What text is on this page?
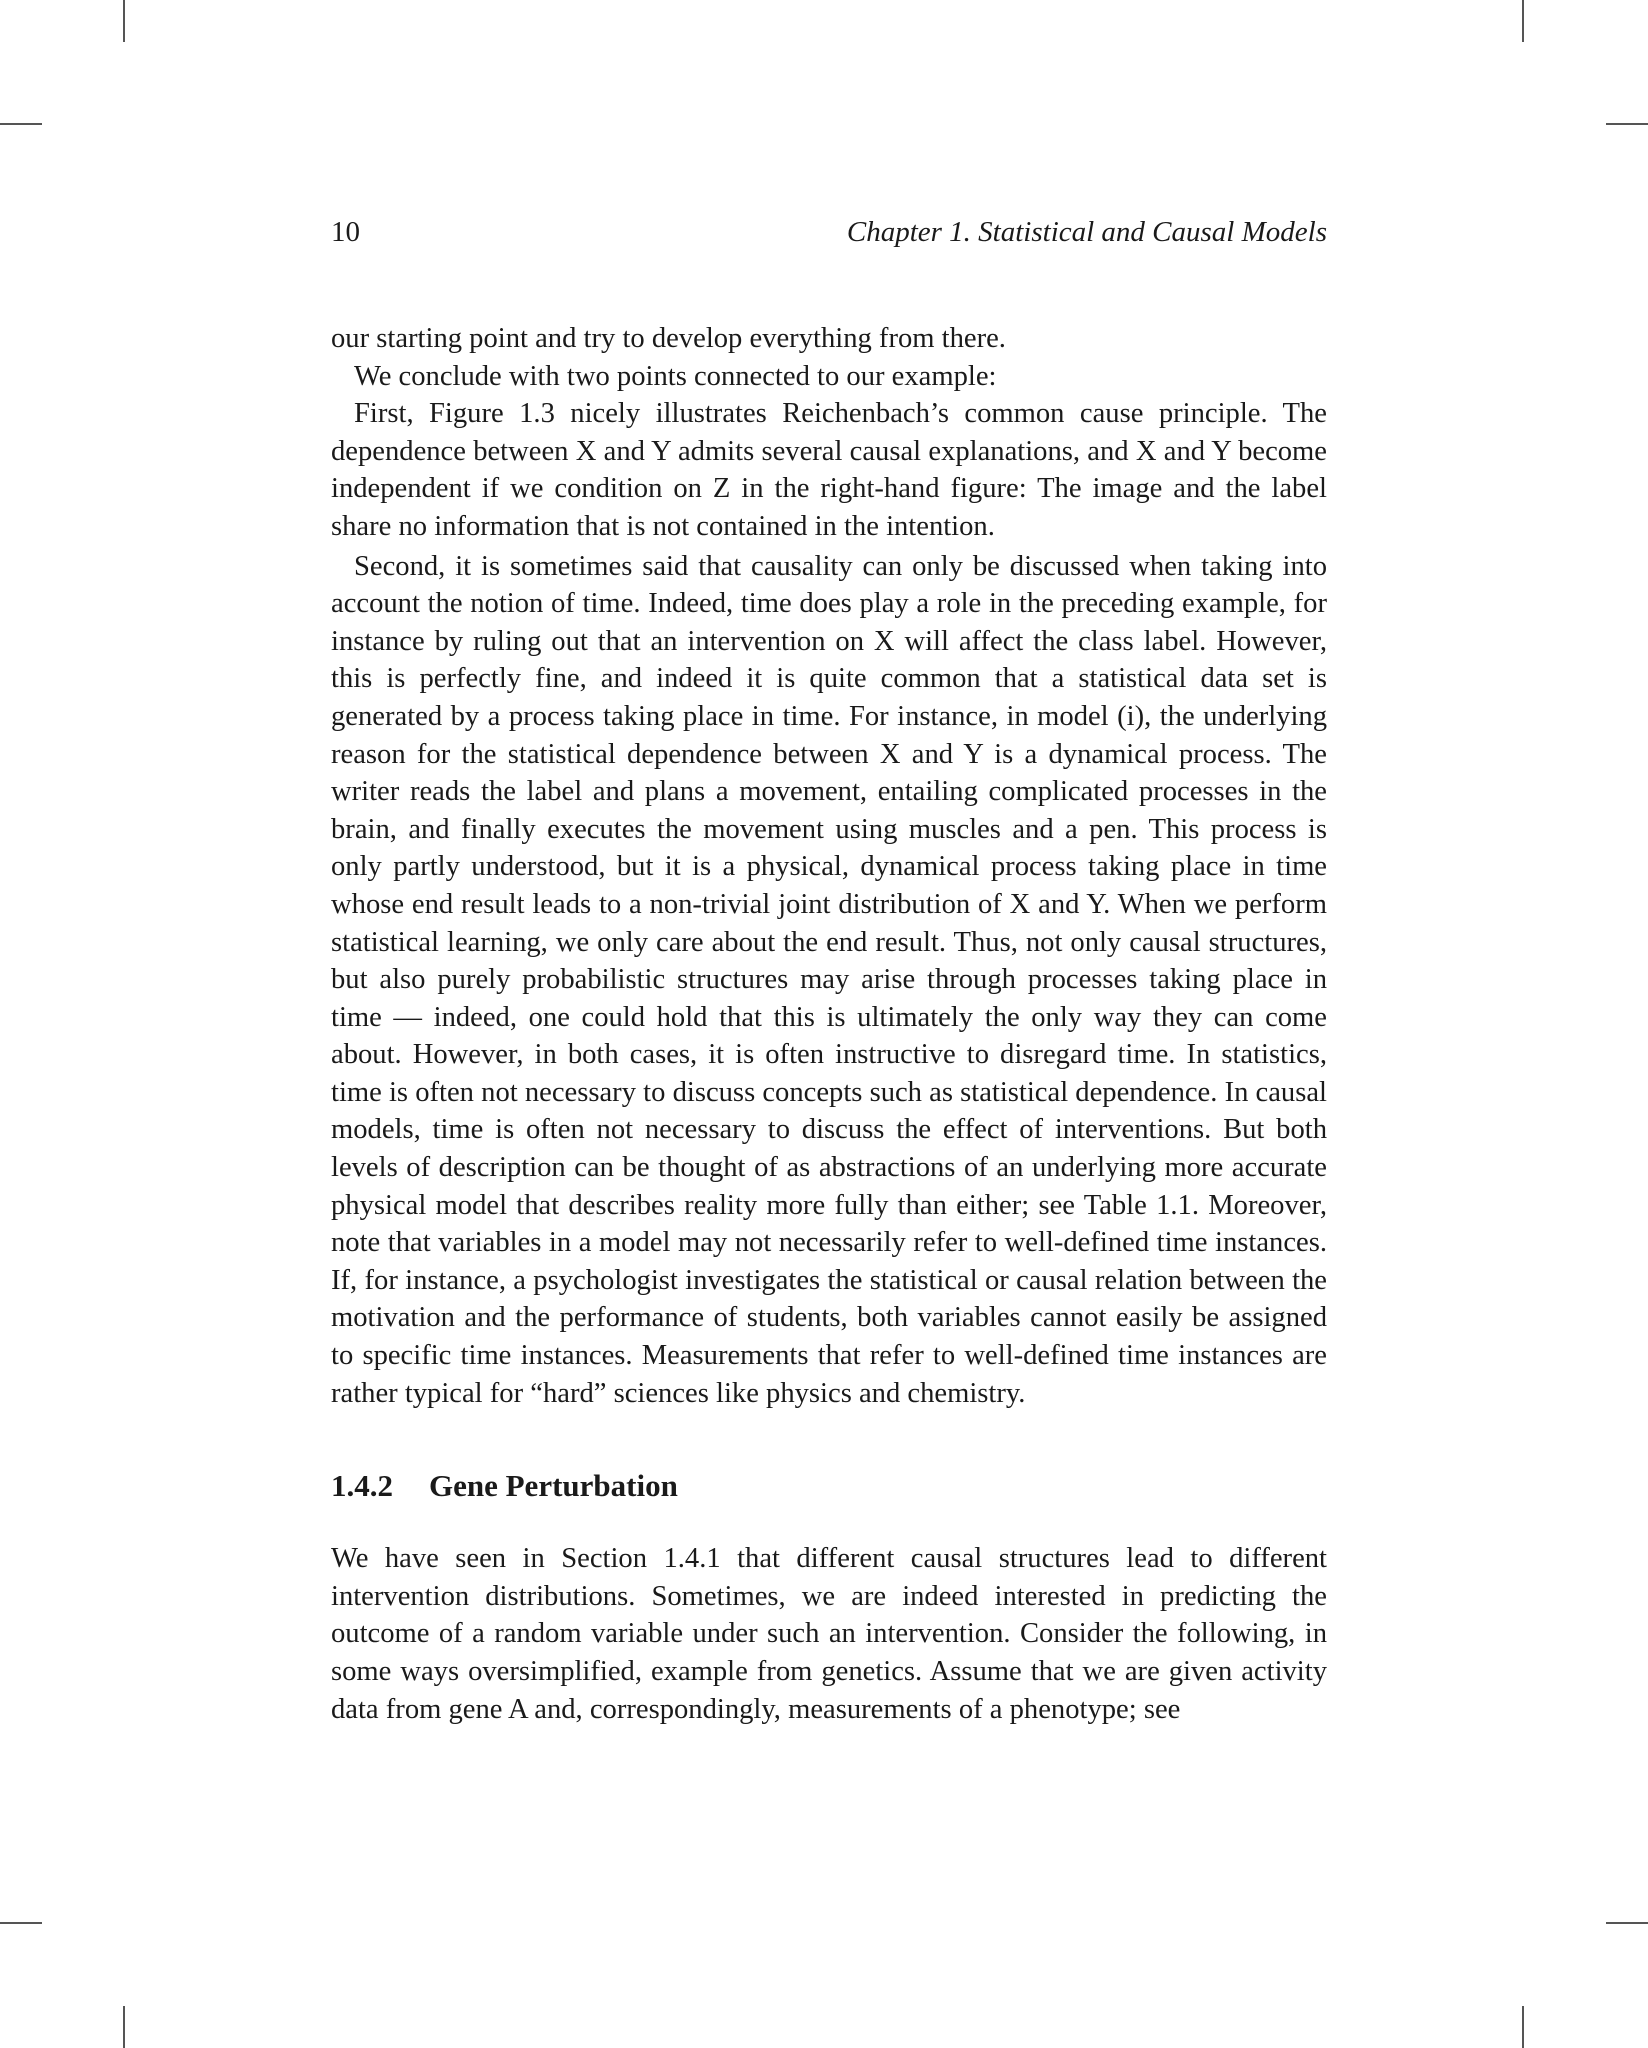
10	Chapter 1. Statistical and Causal Models

our starting point and try to develop everything from there.

We conclude with two points connected to our example:

First, Figure 1.3 nicely illustrates Reichenbach’s common cause principle. The dependence between X and Y admits several causal explanations, and X and Y become independent if we condition on Z in the right-hand figure: The image and the label share no information that is not contained in the intention.

Second, it is sometimes said that causality can only be discussed when taking into account the notion of time. Indeed, time does play a role in the preceding example, for instance by ruling out that an intervention on X will affect the class label. However, this is perfectly fine, and indeed it is quite common that a statistical data set is generated by a process taking place in time. For instance, in model (i), the underlying reason for the statistical dependence between X and Y is a dynamical process. The writer reads the label and plans a movement, entailing complicated processes in the brain, and finally executes the movement using muscles and a pen. This process is only partly understood, but it is a physical, dynamical process taking place in time whose end result leads to a non-trivial joint distribution of X and Y. When we perform statistical learning, we only care about the end result. Thus, not only causal structures, but also purely probabilistic structures may arise through processes taking place in time — indeed, one could hold that this is ultimately the only way they can come about. However, in both cases, it is often instructive to disregard time. In statistics, time is often not necessary to discuss concepts such as statistical dependence. In causal models, time is often not necessary to discuss the effect of interventions. But both levels of description can be thought of as abstractions of an underlying more accurate physical model that describes reality more fully than either; see Table 1.1. Moreover, note that variables in a model may not necessarily refer to well-defined time instances. If, for instance, a psychologist investigates the statistical or causal relation between the motivation and the performance of students, both variables cannot easily be assigned to specific time instances. Measurements that refer to well-defined time instances are rather typical for “hard” sciences like physics and chemistry.

1.4.2 Gene Perturbation

We have seen in Section 1.4.1 that different causal structures lead to different intervention distributions. Sometimes, we are indeed interested in predicting the outcome of a random variable under such an intervention. Consider the following, in some ways oversimplified, example from genetics. Assume that we are given activity data from gene A and, correspondingly, measurements of a phenotype; see
